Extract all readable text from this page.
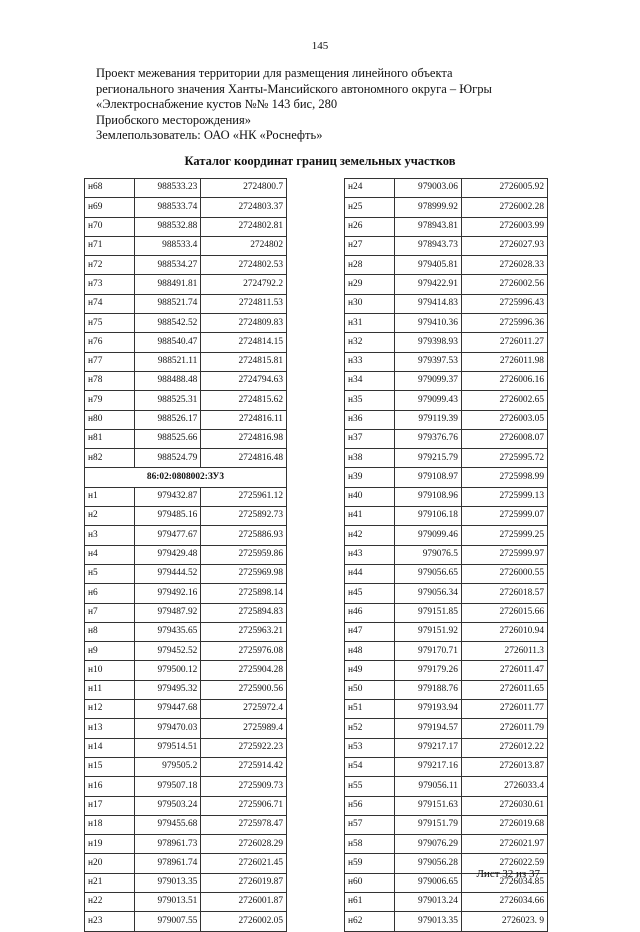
145
Проект межевания территории для размещения линейного объекта
регионального значения Ханты-Мансийского автономного округа – Югры
«Электроснабжение кустов №№ 143 бис, 280
Приобского месторождения»
Землепользователь: ОАО «НК «Роснефть»
Каталог координат границ земельных участков
н68	988533.23	2724800.7
н69	988533.74	2724803.37
н70	988532.88	2724802.81
н71	988533.4	2724802
н72	988534.27	2724802.53
н73	988491.81	2724792.2
н74	988521.74	2724811.53
н75	988542.52	2724809.83
н76	988540.47	2724814.15
н77	988521.11	2724815.81
н78	988488.48	2724794.63
н79	988525.31	2724815.62
н80	988526.17	2724816.11
н81	988525.66	2724816.98
н82	988524.79	2724816.48
86:02:0808002:ЗУ3		
н1	979432.87	2725961.12
н2	979485.16	2725892.73
н3	979477.67	2725886.93
н4	979429.48	2725959.86
н5	979444.52	2725969.98
н6	979492.16	2725898.14
н7	979487.92	2725894.83
н8	979435.65	2725963.21
н9	979452.52	2725976.08
н10	979500.12	2725904.28
н11	979495.32	2725900.56
н12	979447.68	2725972.4
н13	979470.03	2725989.4
н14	979514.51	2725922.23
н15	979505.2	2725914.42
н16	979507.18	2725909.73
н17	979503.24	2725906.71
н18	979455.68	2725978.47
н19	978961.73	2726028.29
н20	978961.74	2726021.45
н21	979013.35	2726019.87
н22	979013.51	2726001.87
н23	979007.55	2726002.05
н24	979003.06	2726005.92
н25	978999.92	2726002.28
н26	978943.81	2726003.99
н27	978943.73	2726027.93
н28	979405.81	2726028.33
н29	979422.91	2726002.56
н30	979414.83	2725996.43
н31	979410.36	2725996.36
н32	979398.93	2726011.27
н33	979397.53	2726011.98
н34	979099.37	2726006.16
н35	979099.43	2726002.65
н36	979119.39	2726003.05
н37	979376.76	2726008.07
н38	979215.79	2725995.72
н39	979108.97	2725998.99
н40	979108.96	2725999.13
н41	979106.18	2725999.07
н42	979099.46	2725999.25
н43	979076.5	2725999.97
н44	979056.65	2726000.55
н45	979056.34	2726018.57
н46	979151.85	2726015.66
н47	979151.92	2726010.94
н48	979170.71	2726011.3
н49	979179.26	2726011.47
н50	979188.76	2726011.65
н51	979193.94	2726011.77
н52	979194.57	2726011.79
н53	979217.17	2726012.22
н54	979217.16	2726013.87
н55	979056.11	2726033.4
н56	979151.63	2726030.61
н57	979151.79	2726019.68
н58	979076.29	2726021.97
н59	979056.28	2726022.59
н60	979006.65	2726034.85
н61	979013.24	2726034.66
н62	979013.35	2726023. 9
Лист 32 из 37
